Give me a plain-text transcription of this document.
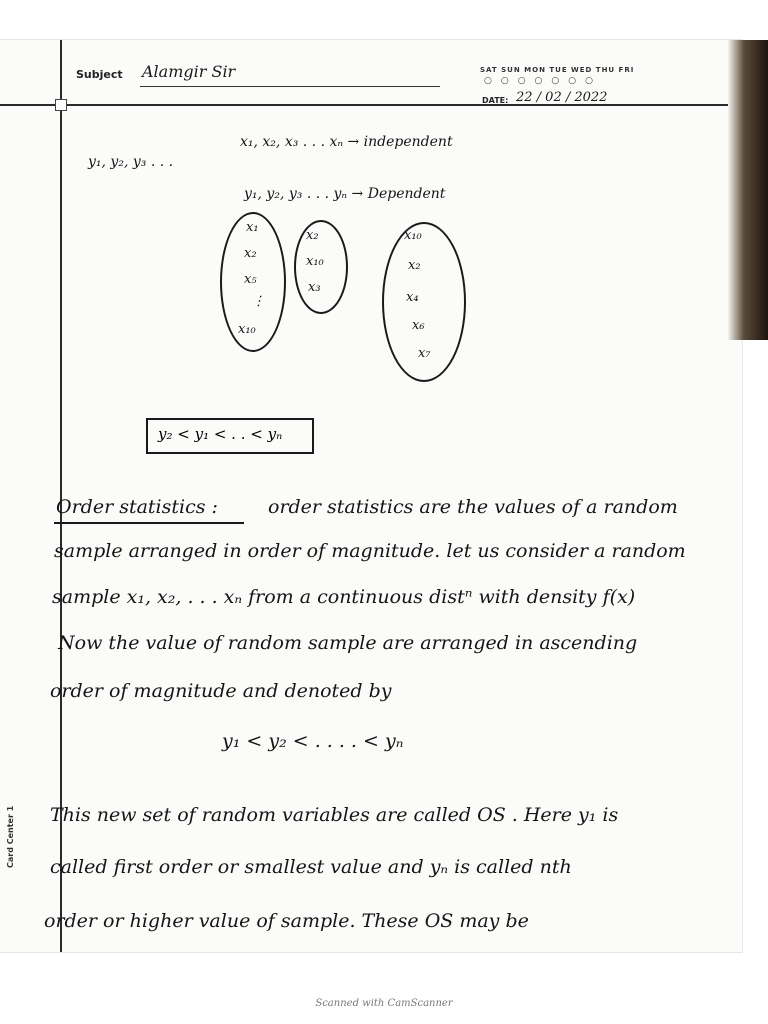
Subject Alamgir Sir	SAT SUN MON TUE WED THU FRI
○○○○○○○
DATE: 22 / 02 / 2022
x₁, x₂, x₃ . . . xₙ → independent
y₁, y₂, y₃ . . .
y₁, y₂, y₃ . . . yₙ → Dependent
x₁
x₂
x₅
⋮
x₁₀
x₂
x₁₀
x₃
x₁₀
x₂
x₄
x₆
x₇
y₂ < y₁ < . . < yₙ
Order statistics :	order statistics are the values of a random
sample arranged in order of magnitude. let us consider a random
sample x₁, x₂, . . . xₙ from a continuous distⁿ with density f(x)
Now the value of random sample are arranged in ascending
order of magnitude and denoted by
y₁ < y₂ < . . . . < yₙ
This new set of random variables are called OS . Here y₁ is
called first order or smallest value and yₙ is called nth
order or higher value of sample. These OS may be
Card Center 1
Scanned with CamScanner
